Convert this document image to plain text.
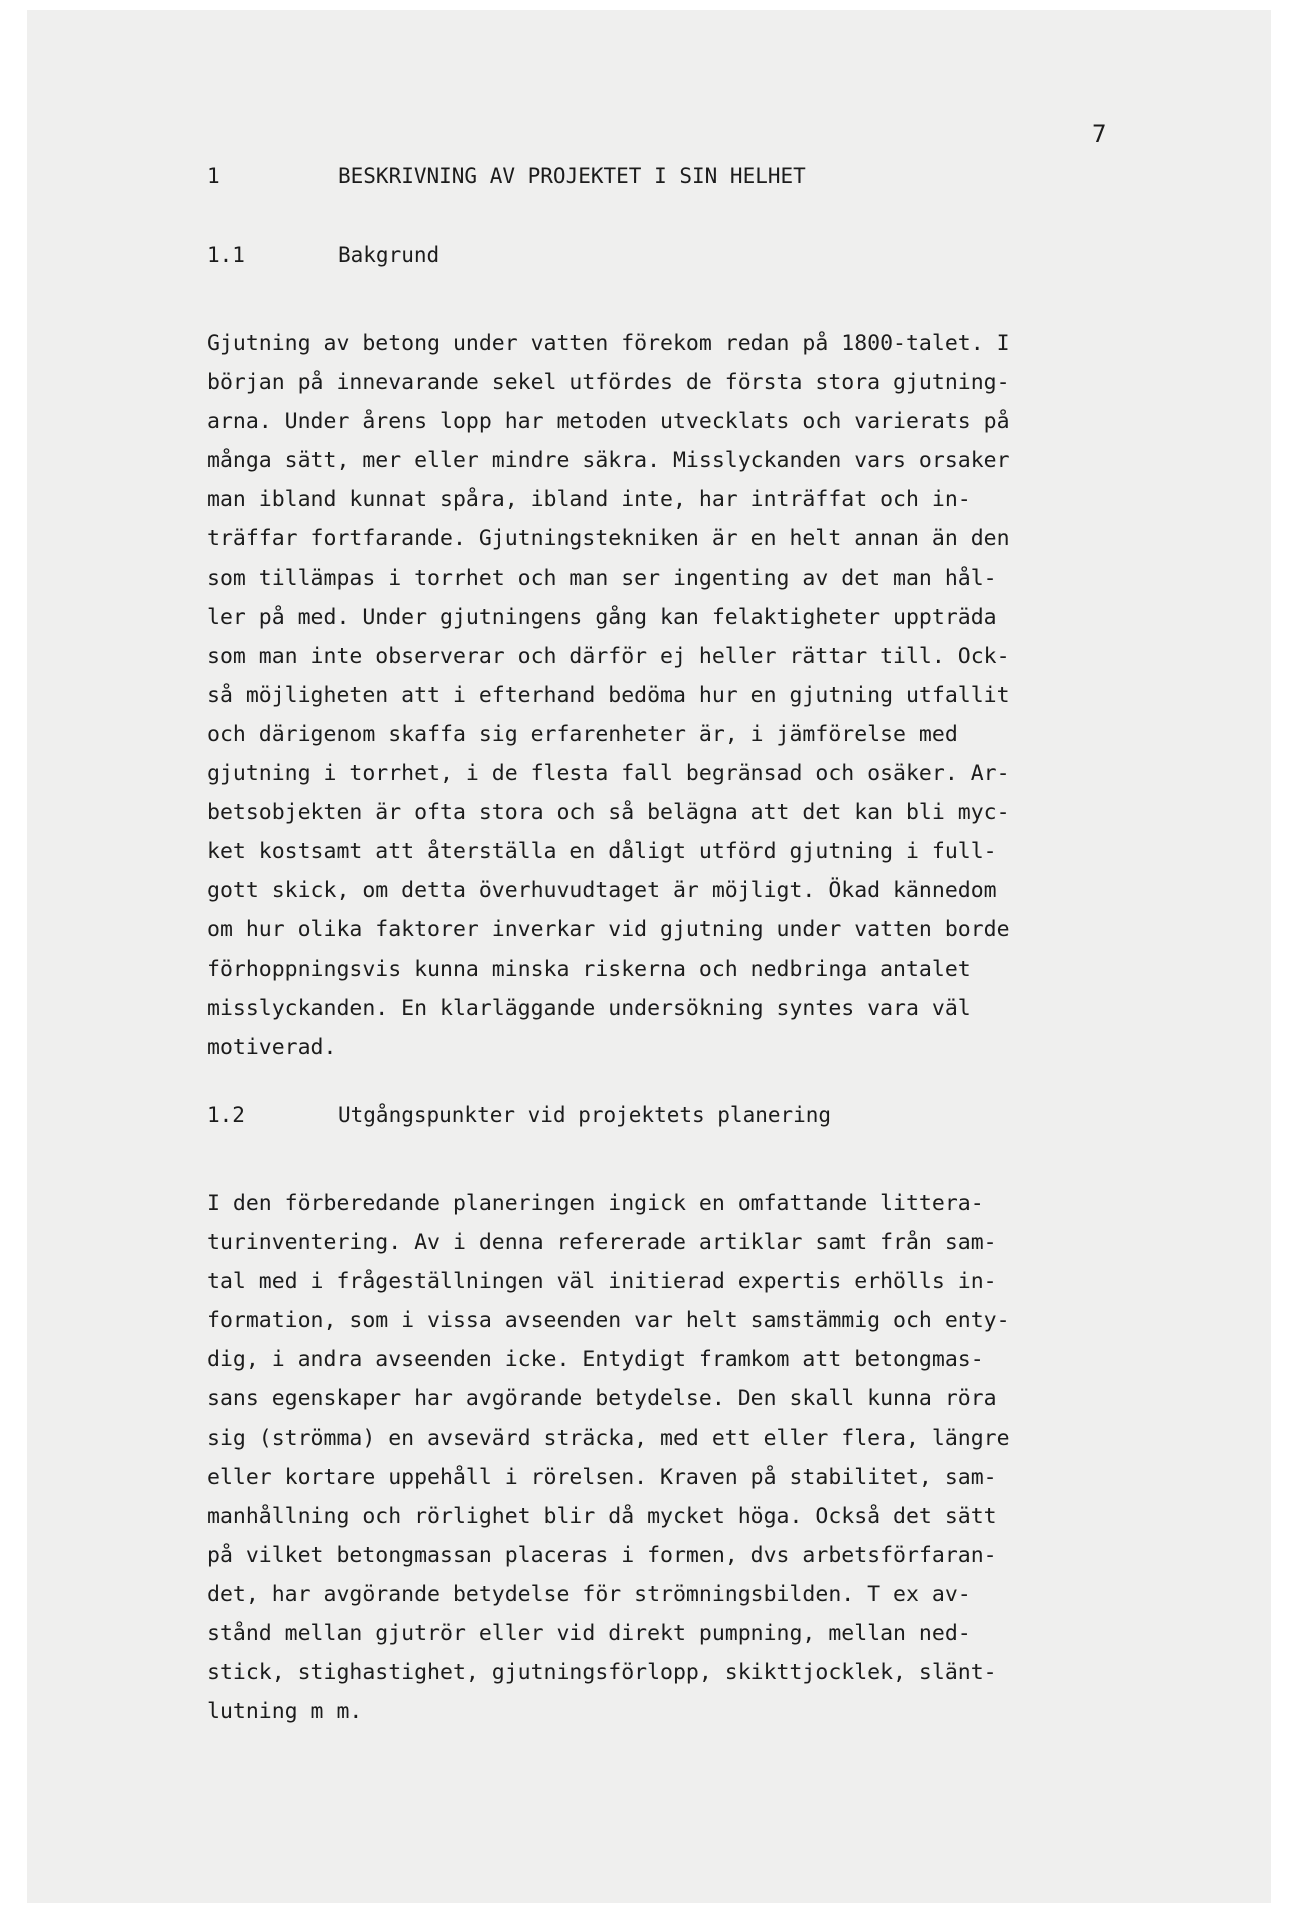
7
1	BESKRIVNING AV PROJEKTET I SIN HELHET
1.1	Bakgrund
Gjutning av betong under vatten förekom redan på 1800-talet. I
början på innevarande sekel utfördes de första stora gjutning-
arna. Under årens lopp har metoden utvecklats och varierats på
många sätt, mer eller mindre säkra. Misslyckanden vars orsaker
man ibland kunnat spåra, ibland inte, har inträffat och in-
träffar fortfarande. Gjutningstekniken är en helt annan än den
som tillämpas i torrhet och man ser ingenting av det man hål-
ler på med. Under gjutningens gång kan felaktigheter uppträda
som man inte observerar och därför ej heller rättar till. Ock-
så möjligheten att i efterhand bedöma hur en gjutning utfallit
och därigenom skaffa sig erfarenheter är, i jämförelse med
gjutning i torrhet, i de flesta fall begränsad och osäker. Ar-
betsobjekten är ofta stora och så belägna att det kan bli myc-
ket kostsamt att återställa en dåligt utförd gjutning i full-
gott skick, om detta överhuvudtaget är möjligt. Ökad kännedom
om hur olika faktorer inverkar vid gjutning under vatten borde
förhoppningsvis kunna minska riskerna och nedbringa antalet
misslyckanden. En klarläggande undersökning syntes vara väl
motiverad.
1.2	Utgångspunkter vid projektets planering
I den förberedande planeringen ingick en omfattande littera-
turinventering. Av i denna refererade artiklar samt från sam-
tal med i frågeställningen väl initierad expertis erhölls in-
formation, som i vissa avseenden var helt samstämmig och enty-
dig, i andra avseenden icke. Entydigt framkom att betongmas-
sans egenskaper har avgörande betydelse. Den skall kunna röra
sig (strömma) en avsevärd sträcka, med ett eller flera, längre
eller kortare uppehåll i rörelsen. Kraven på stabilitet, sam-
manhållning och rörlighet blir då mycket höga. Också det sätt
på vilket betongmassan placeras i formen, dvs arbetsförfaran-
det, har avgörande betydelse för strömningsbilden. T ex av-
stånd mellan gjutrör eller vid direkt pumpning, mellan ned-
stick, stighastighet, gjutningsförlopp, skikttjocklek, slänt-
lutning m m.
